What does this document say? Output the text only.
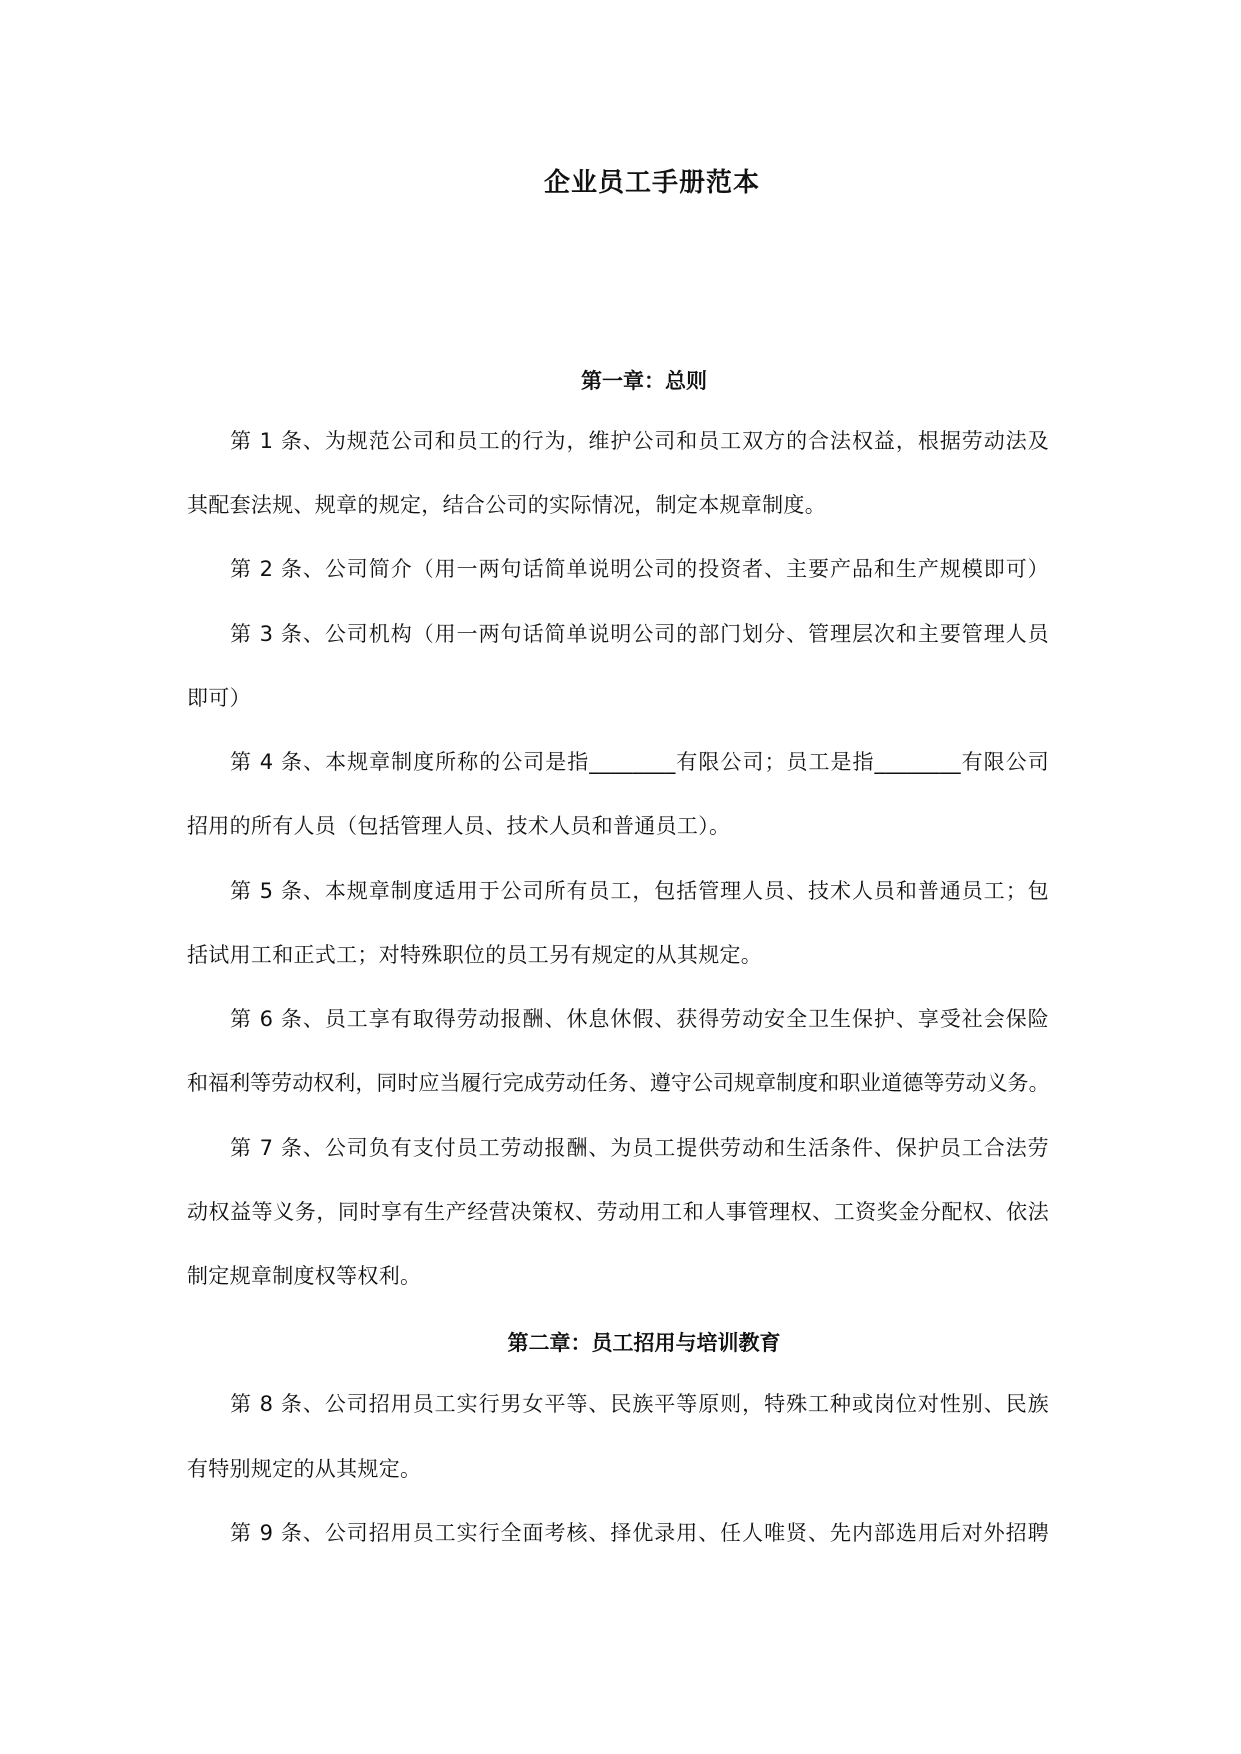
企业员工手册范本
第一章：总则
第 1 条、为规范公司和员工的行为，维护公司和员工双方的合法权益，根据劳动法及
其配套法规、规章的规定，结合公司的实际情况，制定本规章制度。
第 2 条、公司简介（用一两句话简单说明公司的投资者、主要产品和生产规模即可）
第 3 条、公司机构（用一两句话简单说明公司的部门划分、管理层次和主要管理人员
即可）
第 4 条、本规章制度所称的公司是指________有限公司；员工是指________有限公司
招用的所有人员（包括管理人员、技术人员和普通员工）。
第 5 条、本规章制度适用于公司所有员工，包括管理人员、技术人员和普通员工；包
括试用工和正式工；对特殊职位的员工另有规定的从其规定。
第 6 条、员工享有取得劳动报酬、休息休假、获得劳动安全卫生保护、享受社会保险
和福利等劳动权利，同时应当履行完成劳动任务、遵守公司规章制度和职业道德等劳动义务。
第 7 条、公司负有支付员工劳动报酬、为员工提供劳动和生活条件、保护员工合法劳
动权益等义务，同时享有生产经营决策权、劳动用工和人事管理权、工资奖金分配权、依法
制定规章制度权等权利。
第二章：员工招用与培训教育
第 8 条、公司招用员工实行男女平等、民族平等原则，特殊工种或岗位对性别、民族
有特别规定的从其规定。
第 9 条、公司招用员工实行全面考核、择优录用、任人唯贤、先内部选用后对外招聘
